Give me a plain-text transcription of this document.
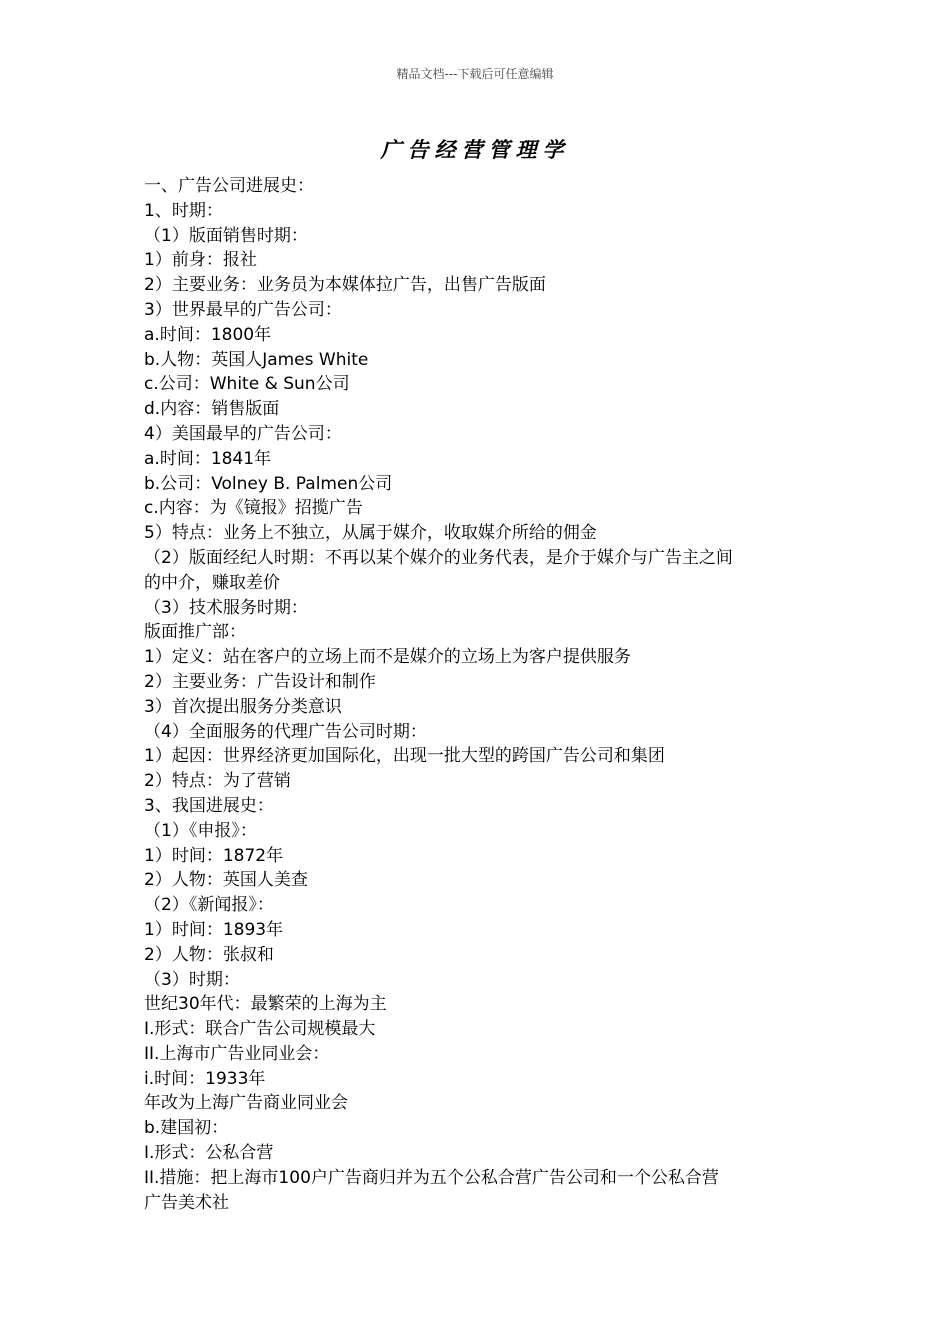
精品文档---下载后可任意编辑
广告经营管理学
一、广告公司进展史：
1、时期：
（1）版面销售时期：
1）前身：报社
2）主要业务：业务员为本媒体拉广告，出售广告版面
3）世界最早的广告公司：
a.时间：1800年
b.人物：英国人James White
c.公司：White & Sun公司
d.内容：销售版面
4）美国最早的广告公司：
a.时间：1841年
b.公司：Volney B. Palmen公司
c.内容：为《镜报》招揽广告
5）特点：业务上不独立，从属于媒介，收取媒介所给的佣金
（2）版面经纪人时期：不再以某个媒介的业务代表，是介于媒介与广告主之间
的中介，赚取差价
（3）技术服务时期：
版面推广部：
1）定义：站在客户的立场上而不是媒介的立场上为客户提供服务
2）主要业务：广告设计和制作
3）首次提出服务分类意识
（4）全面服务的代理广告公司时期：
1）起因：世界经济更加国际化，出现一批大型的跨国广告公司和集团
2）特点：为了营销
3、我国进展史：
（1）《申报》：
1）时间：1872年
2）人物：英国人美查
（2）《新闻报》：
1）时间：1893年
2）人物：张叔和
（3）时期：
世纪30年代：最繁荣的上海为主
I.形式：联合广告公司规模最大
II.上海市广告业同业会：
i.时间：1933年
年改为上海广告商业同业会
b.建国初：
I.形式：公私合营
II.措施：把上海市100户广告商归并为五个公私合营广告公司和一个公私合营
广告美术社
